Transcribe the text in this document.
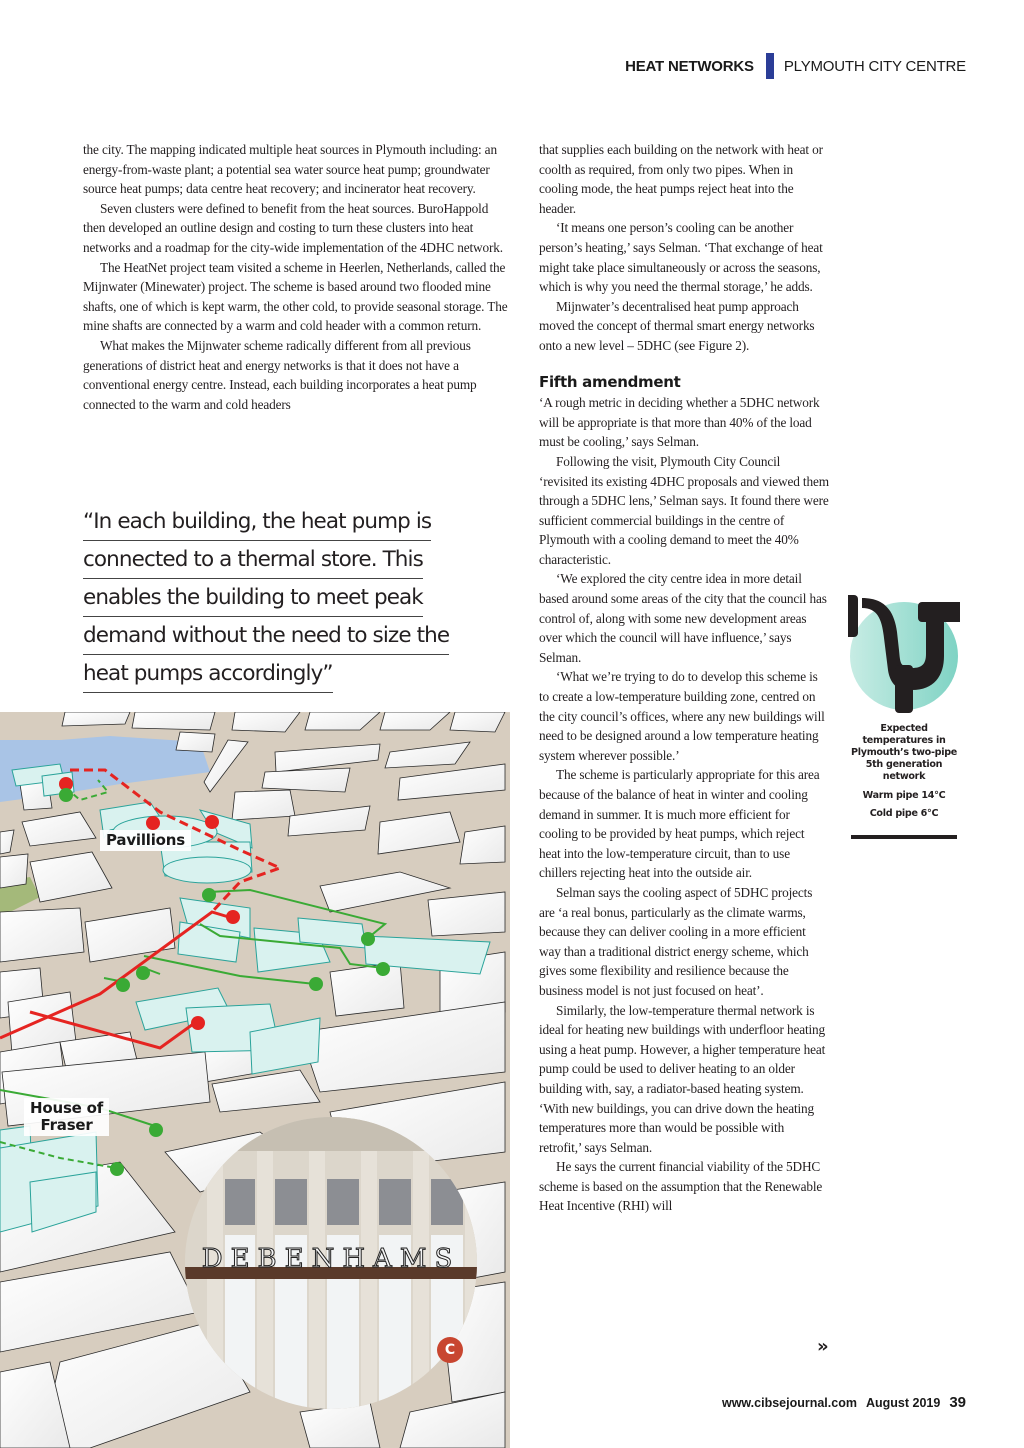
HEAT NETWORKS PLYMOUTH CITY CENTRE

the city. The mapping indicated multiple heat sources in Plymouth including: an energy-from-waste plant; a potential sea water source heat pump; groundwater source heat pumps; data centre heat recovery; and incinerator heat recovery.

Seven clusters were defined to benefit from the heat sources. BuroHappold then developed an outline design and costing to turn these clusters into heat networks and a roadmap for the city-wide implementation of the 4DHC network.

The HeatNet project team visited a scheme in Heerlen, Netherlands, called the Mijnwater (Minewater) project. The scheme is based around two flooded mine shafts, one of which is kept warm, the other cold, to provide seasonal storage. The mine shafts are connected by a warm and cold header with a common return.

What makes the Mijnwater scheme radically different from all previous generations of district heat and energy networks is that it does not have a conventional energy centre. Instead, each building incorporates a heat pump connected to the warm and cold headers

“In each building, the heat pump is
connected to a thermal store. This
enables the building to meet peak
demand without the need to size the
heat pumps accordingly”

that supplies each building on the network with heat or coolth as required, from only two pipes. When in cooling mode, the heat pumps reject heat into the header.

‘It means one person’s cooling can be another person’s heating,’ says Selman. ‘That exchange of heat might take place simultaneously or across the seasons, which is why you need the thermal storage,’ he adds.

Mijnwater’s decentralised heat pump approach moved the concept of thermal smart energy networks onto a new level – 5DHC (see Figure 2).

Fifth amendment

‘A rough metric in deciding whether a 5DHC network will be appropriate is that more than 40% of the load must be cooling,’ says Selman.

Following the visit, Plymouth City Council ‘revisited its existing 4DHC proposals and viewed them through a 5DHC lens,’ Selman says. It found there were sufficient commercial buildings in the centre of Plymouth with a cooling demand to meet the 40% characteristic.

‘We explored the city centre idea in more detail based around some areas of the city that the council has control of, along with some new development areas over which the council will have influence,’ says Selman.

‘What we’re trying to do to develop this scheme is to create a low-temperature building zone, centred on the city council’s offices, where any new buildings will need to be designed around a low temperature heating system wherever possible.’

The scheme is particularly appropriate for this area because of the balance of heat in winter and cooling demand in summer. It is much more efficient for cooling to be provided by heat pumps, which reject heat into the low-temperature circuit, than to use chillers rejecting heat into the outside air.

Selman says the cooling aspect of 5DHC projects are ‘a real bonus, particularly as the climate warms, because they can deliver cooling in a more efficient way than a traditional district energy scheme, which gives some flexibility and resilience because the business model is not just focused on heat’.

Similarly, the low-temperature thermal network is ideal for heating new buildings with underfloor heating using a heat pump. However, a higher temperature heat pump could be used to deliver heating to an older building with, say, a radiator-based heating system. ‘With new buildings, you can drive down the heating temperatures more than would be possible with retrofit,’ says Selman.

He says the current financial viability of the 5DHC scheme is based on the assumption that the Renewable Heat Incentive (RHI) will

»
Expected temperatures in Plymouth’s two-pipe 5th generation network
Warm pipe 14°C
Cold pipe 6°C
Pavillions
House of
Fraser
DEBENHAMS
C
www.cibsejournal.com August 2019 39
